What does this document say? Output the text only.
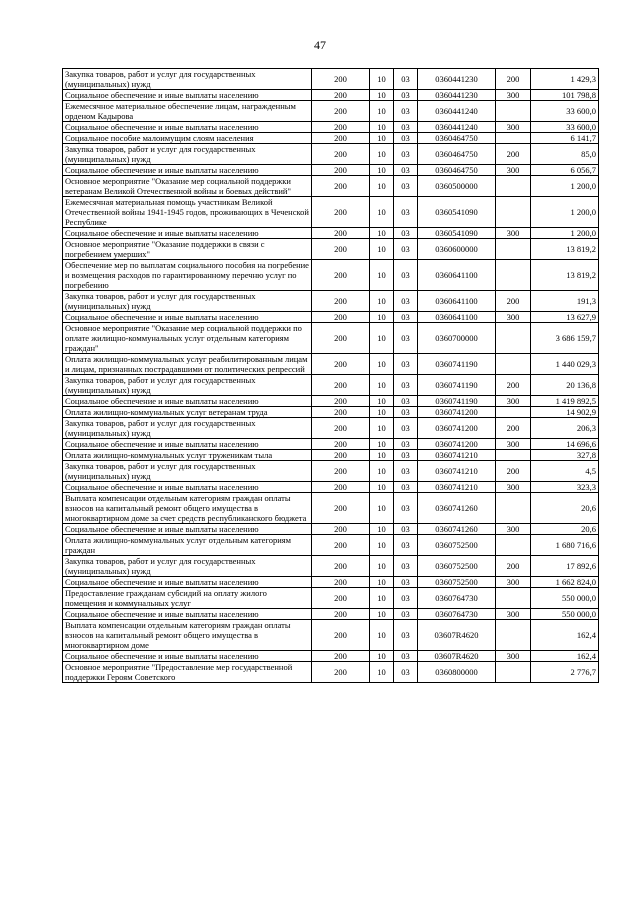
47
Закупка товаров, работ и услуг для государственных (муниципальных) нужд	200	10	03	0360441230	200	1 429,3
Социальное обеспечение и иные выплаты населению	200	10	03	0360441230	300	101 798,8
Ежемесячное материальное обеспечение лицам, награжденным орденом Кадырова	200	10	03	0360441240		33 600,0
Социальное обеспечение и иные выплаты населению	200	10	03	0360441240	300	33 600,0
Социальное пособие малоимущим слоям населения	200	10	03	0360464750		6 141,7
Закупка товаров, работ и услуг для государственных (муниципальных) нужд	200	10	03	0360464750	200	85,0
Социальное обеспечение и иные выплаты населению	200	10	03	0360464750	300	6 056,7
Основное мероприятие "Оказание мер социальной поддержки ветеранам Великой Отечественной войны и боевых действий"	200	10	03	0360500000		1 200,0
Ежемесячная материальная помощь участникам Великой Отечественной войны 1941-1945 годов, проживающих в Чеченской Республике	200	10	03	0360541090		1 200,0
Социальное обеспечение и иные выплаты населению	200	10	03	0360541090	300	1 200,0
Основное мероприятие "Оказание поддержки в связи с погребением умерших"	200	10	03	0360600000		13 819,2
Обеспечение мер по выплатам социального пособия на погребение и возмещения расходов по гарантированному перечню услуг по погребению	200	10	03	0360641100		13 819,2
Закупка товаров, работ и услуг для государственных (муниципальных) нужд	200	10	03	0360641100	200	191,3
Социальное обеспечение и иные выплаты населению	200	10	03	0360641100	300	13 627,9
Основное мероприятие "Оказание мер социальной поддержки по оплате жилищно-коммунальных услуг отдельным категориям граждан"	200	10	03	0360700000		3 686 159,7
Оплата жилищно-коммунальных услуг реабилитированным лицам и лицам, признанных пострадавшими от политических репрессий	200	10	03	0360741190		1 440 029,3
Закупка товаров, работ и услуг для государственных (муниципальных) нужд	200	10	03	0360741190	200	20 136,8
Социальное обеспечение и иные выплаты населению	200	10	03	0360741190	300	1 419 892,5
Оплата жилищно-коммунальных услуг ветеранам труда	200	10	03	0360741200		14 902,9
Закупка товаров, работ и услуг для государственных (муниципальных) нужд	200	10	03	0360741200	200	206,3
Социальное обеспечение и иные выплаты населению	200	10	03	0360741200	300	14 696,6
Оплата жилищно-коммунальных услуг труженикам тыла	200	10	03	0360741210		327,8
Закупка товаров, работ и услуг для государственных (муниципальных) нужд	200	10	03	0360741210	200	4,5
Социальное обеспечение и иные выплаты населению	200	10	03	0360741210	300	323,3
Выплата компенсации отдельным категориям граждан оплаты взносов на капитальный ремонт общего имущества в многоквартирном доме за счет средств республиканского бюджета	200	10	03	0360741260		20,6
Социальное обеспечение и иные выплаты населению	200	10	03	0360741260	300	20,6
Оплата жилищно-коммунальных услуг отдельным категориям граждан	200	10	03	0360752500		1 680 716,6
Закупка товаров, работ и услуг для государственных (муниципальных) нужд	200	10	03	0360752500	200	17 892,6
Социальное обеспечение и иные выплаты населению	200	10	03	0360752500	300	1 662 824,0
Предоставление гражданам субсидий на оплату жилого помещения и коммунальных услуг	200	10	03	0360764730		550 000,0
Социальное обеспечение и иные выплаты населению	200	10	03	0360764730	300	550 000,0
Выплата компенсации отдельным категориям граждан оплаты взносов на капитальный ремонт общего имущества в многоквартирном доме	200	10	03	03607R4620		162,4
Социальное обеспечение и иные выплаты населению	200	10	03	03607R4620	300	162,4
Основное мероприятие "Предоставление мер государственной поддержки Героям Советского	200	10	03	0360800000		2 776,7
